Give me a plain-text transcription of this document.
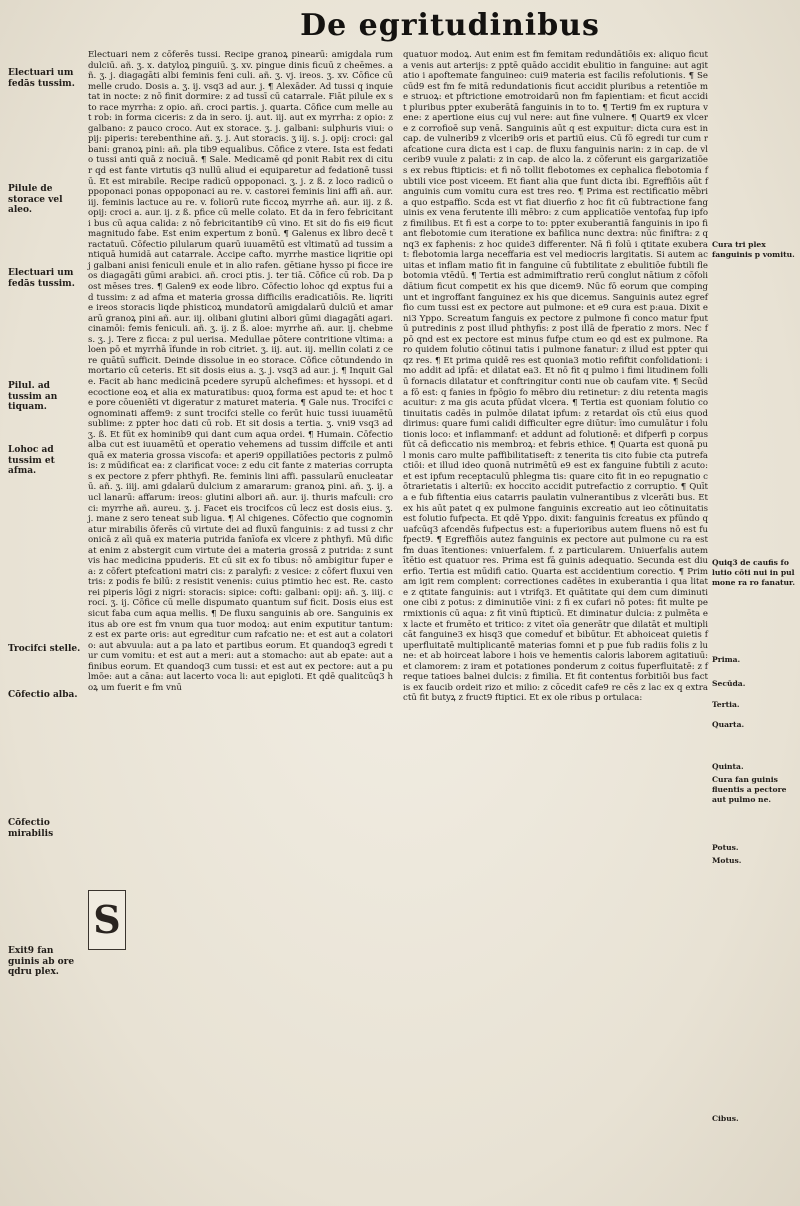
De egritudinibus
Electuari um fedās tussim.
Pilule de storace vel aleo.
Electuari um fedās tussim.
Pilul. ad tussim an tiquam.
Lohoc ad tussim et afma.
Trocifci stelle.
Cōfectio alba.
Cōfectio mirabilis
Exit9 fan guinis ab ore qdru plex.
Electuari nem z cōferēs tussi. Recipe granoꝝ pinearū: amigdala rum dulciū. añ. ʒ. x. datyloꝝ pinguiū. ʒ. xv. pingue dinis ficuū z cheēmes. añ. ʒ. j. diagagāti albi feminis feni culi. añ. ʒ. vj. ireos. ʒ. xv. Cōfice cū melle crudo. Dosis a. ʒ. ij. vsq3 ad aur. j. ¶ Alexāder. Ad tussi q inquietat in nocte: z nō finit dormire: z ad tussī cū catarrale. Fiāt pilule ex sto race myrrha: z opio. añ. croci partis. j. quarta. Cōfice cum melle aut rob: in forma ciceris: z da in sero. ij. aut. iij. aut ex myrrha: z opio: z galbano: z pauco croco. Aut ex storace. ʒ. j. galbani: sulphuris viui: opij: piperis: terebenthine añ. ʒ. j. Aut storacis. ʒ iij. s. j. opij: croci: galbani: granoꝝ pini: añ. pla tib9 equalibus. Cōfice z vtere. Ista est fedatio tussi anti quā z nociuā. ¶ Sale. Medicamē qd ponit Rabit rex di citur qd est fante virtutis q3 nullū aliud ei equiparetur ad fedationē tussiū. Et est mirabile. Recipe radicū oppoponaci. ʒ. j. z ß. z loco radicū oppoponaci ponas oppoponaci au re. v. castorei feminis lini affi añ. aur. iij. feminis lactuce au re. v. foliorū rute ficcoꝝ myrrhe añ. aur. iij. z ß. opij: croci a. aur. ij. z ß. pfice cū melle colato. Et da in fero febricitanti bus cū aqua calida: z nō febricitantib9 cū vino. Et sit do fis ei9 ficut magnitudo fabe. Est enim expertum z bonū. ¶ Galenus ex libro decē tractatuū. Cōfectio pilularum quarū iuuamētū est vltimatū ad tussim antiquā humidā aut catarrale. Accipe cafto. myrrhe mastice liqritie opij galbani anisi feniculi enule et in alio rafen. gētiane hysso pi ficce ireos diagagāti gūmi arabici. añ. croci ptis. j. ter tiā. Cōfice cū rob. Da post mēses tres. ¶ Galen9 ex eode libro. Cōfectio lohoc qd exptus fui ad tussim: z ad afma et materia grossa difficilis eradicatiōis. Re. liqritie ireos storacis liqde phisticoꝝ mundatorū amigdalarū dulciū et amararū granoꝝ pini añ. aur. iij. olibani glutini albori gūmi diagagāti agari. cinamōi: femis feniculi. añ. ʒ. ij. z ß. aloe: myrrhe añ. aur. ij. chebmes. ʒ. j. Tere z ficca: z pul uerisa. Medullae pōtere contritione vltima: aloen pō et myrrhā īfunde in rob citriet. ʒ. iij. aut. iij. mellin colati z cere quātū sufficit. Deinde dissolue in eo storace. Cōfice cōtundendo in mortario cū ceteris. Et sit dosis eius a. ʒ. j. vsq3 ad aur. j. ¶ Inquit Gale. Facit ab hanc medicinā pcedere syrupū alchefimes: et hyssopi. et decoctione eoꝝ et alia ex maturatibus: quoꝝ forma est apud te: et hoc te pore cōueniēti vt digeratur z maturet materia. ¶ Gale nus. Trocifci cognominati affem9: z sunt trocifci stelle co ferūt huic tussi iuuamētū sublime: z ppter hoc dati cū rob. Et sit dosis a tertia. ʒ. vni9 vsq3 ad ʒ. ß. Et fūt ex hominib9 qui dant cum aqua ordei. ¶ Humain. Cōfectio alba cut est iuuamētū et operatio vehemens ad tussim diffcile et antiquā ex materia grossa viscofa: et aperi9 oppillatiōes pectoris z pulmōis: z mūdificat ea: z clarificat voce: z edu cit fante z materias corruptas ex pectore z pferr phthyfi. Re. feminis lini affi. passularū enucleatarū. añ. ʒ. iiij. ami gdalarū dulcium z amararum: granoꝝ pini. añ. ʒ. ij. aucl lanarū: affarum: ireos: glutini albori añ. aur. ij. thuris mafculi: croci: myrrhe añ. aureu. ʒ. j. Facet eis trocifcos cū lecz est dosis eius. ʒ. j. mane z sero teneat sub ligua. ¶ Al chigenes. Cōfectio que cognominatur mirabilis ōferēs cū virtute dei ad fluxū fanguinis: z ad tussi z chronicā z aīi quā ex materia putrida fanīofa ex vlcere z phthyfi. Mū dificat enim z abstergit cum virtute dei a materia grossā z putrida: z sunt vis hac medicina ppuderis. Et cū sit ex fo tibus: nō ambigitur fuper ea: z cōfert ptefcationi matri cis: z paralyfi: z vesice: z cōfert fluxui ventris: z podis fe bilū: z resistit venenis: cuius ptimtio hec est. Re. castorei piperis lōgi z nigri: storacis: sipice: cofti: galbani: opij: añ. ʒ. iiij. croci. ʒ. ij. Cōfice cū melle dispumato quantum suf ficit. Dosis eius est sicut faba cum aqua mellis. ¶ De fluxu sanguinis ab ore. Sanguinis exitus ab ore est fm vnum qua tuor modoꝝ: aut enim exputitur tantum: z est ex parte oris: aut egreditur cum rafcatio ne: et est aut a colatorio: aut abvuula: aut a pa lato et partibus eorum. Et quandoq3 egredi tur cum vomitu: et est aut a meri: aut a stomacho: aut ab epate: aut a finibus eorum. Et quandoq3 cum tussi: et est aut ex pectore: aut a pulmōe: aut a cāna: aut lacerto voca li: aut epigloti. Et qdē qualitcūq3 hoꝝ um fuerit e fm vnū
S
quatuor modoꝝ. Aut enim est fm femitam redundātiōis ex: aliquo ficut a venis aut arterijs: z pptē quādo accidit ebulitio in fanguine: aut agitatio i apoftemate fanguineo: cui9 materia est facilis refolutionis. ¶ Secūd9 est fm fe mitā redundationis ficut accidit pluribus a retentiōe me struoꝝ: et pftrictione emotroidarū non fm fapientiam: et ficut accidit pluribus ppter exuberātā fanguinis in to to. ¶ Terti9 fm ex ruptura vene: z apertione eius cuj vul nere: aut fine vulnere. ¶ Quart9 ex vlcere z corrofioē sup venā. Sanguinis aūt q est expuitur: dicta cura est in cap. de vulnerib9 z vlcerib9 oris et partiū eius. Cū fō egredi tur cum rafcatione cura dicta est i cap. de fluxu fanguinis narin: z in cap. de vlcerib9 vuule z palati: z in cap. de alco la. z cōferunt eis gargarizatiōes ex rebus ftipticis: et fi nō tollit flebotomes ex cephalica flebotomia fubtili vice post viceem. Et fiant alia que funt dicta ibi. Egreffiōis aūt fanguinis cum vomitu cura est tres reo. ¶ Prima est rectificatio mēbri a quo estpaffio. Scda est vt fiat diuerfio z hoc fit cū fubtractione fanguinis ex vena ferutente illi mēbro: z cum applicatiōe ventofaꝝ fup ipfo z fimilibus. Et fi est a corpe to to: ppter exuberantiā fanguinis in ipo fiant flebotomie cum iteratione ex bafilica nunc dextra: nūc finiftra: z qnq3 ex faphenis: z hoc quide3 differenter. Nā fi folū i qtitate exuberat: flebotomia larga neceffaria est vel mediocris largitatis. Si autem acuitas et inflam matio fit in fanguine cū fubtilitate z ebulitiōe fubtili fle botomia vtēdū. ¶ Tertia est admimiftratio rerū conglut nātium z cōfolidātium ficut competit ex his que dicem9. Nūc fō eorum que compingunt et ingroffant fanguinez ex his que dicemus. Sanguinis autez egreffio cum tussi est ex pectore aut pulmone: et e9 cura est p:aua. Dixit eni3 Yppo. Screatum fanguis ex pectore z pulmone fi conco matur fputū putredinis z post illud phthyfis: z post illā de fperatio z mors. Nec fpō qnd est ex pectore est minus fufpe ctum eo qd est ex pulmone. Raro quidem folutio cōtinui tatis i pulmone fanatur: z illud est ppter quiqz res. ¶ Et prima quidē res est quonia3 motio refiftit confolidationi: imo addit ad ipfā: et dilatat ea3. Et nō fit q pulmo i fimi litudinem folliū fornacis dilatatur et conftringitur conti nue ob caufam vite. ¶ Secūda fō est: q fanies in fpōgio fo mēbro diu retinetur: z diu retenta magis acuitur: z ma gis acuta pfūdat vlcera. ¶ Tertia est quoniam folutio co tinuitatis cadēs in pulmōe dilatat ipfum: z retardat oīs ctū eius quod dirimus: quare fumi calidi difficulter egre diūtur: īmo cumulātur i folutionis loco: et inflammanf: et addunt ad folutionē: et difperfi p corpus fūt cā deficcatio nis membroꝝ: et febris ethice. ¶ Quarta est quonā pul monis caro multe paffibilitatiseft: z tenerita tis cito fubie cta putrefactiōi: et illud ideo quonā nutrimētū e9 est ex fanguine fubtili z acuto: et est ipfum receptaculū phlegma tis: quare cito fit in eo repugnatio cōtrarietatis i alteriū: ex hoccito accidit putrefactio z corruptio. ¶ Quīta e fub fiftentia eius catarris paulatin vulnerantibus z vlcerāti bus. Et ex his aūt patet q ex pulmone fanguinis excreatio aut ieo cōtinuitatis est folutio fufpecta. Et qdē Yppo. dixit: fanguinis fcreatus ex pfūndo quafcūq3 afcendēs fufpectus est: a fuperioribus autem fluens nō est fufpect9. ¶ Egreffiōis autez fanguinis ex pectore aut pulmone cu ra est fm duas ītentiones: vniuerfalem. f. z particularem. Uniuerfalis autem ītētio est quatuor res. Prima est fā guinis adequatio. Secunda est diuerfio. Tertia est mūdifi catio. Quarta est accidentium corectio. ¶ Primam igit rem complent: correctiones cadētes in exuberantia i qua litate z qtitate fanguinis: aut i vtrifq3. Et quātitate qui dem cum diminutione cibi z potus: z diminutiōe vini: z fi ex cufari nō potes: fit multe permixtionis cū aqua: z fit vinū ftipticū. Et diminatur dulcia: z pulmēta ex lacte et frumēto et tritico: z vitet oīa generātr que dilatāt et multiplicāt fanguine3 ex hisq3 que comeduf et bibūtur. Et abhoiceat quietis fuperfluitatē multiplicantē materias fomni et p pue fub radiis folis z lune: et ab hoirceat labore i hois ve hementis caloris laborem agitatiuū: et clamorem: z iram et potationes ponderum z coitus fuperfluitatē: z freque tatioes balnei dulcis: z fimilia. Et fit contentus forbitiōi bus factis ex faucib ordeit rizo et milio: z cōcedit cafe9 re cēs z lac ex q extractū fit butyꝝ z fruct9 ftiptici. Et ex ole ribus p ortulaca:
Cura tri plex fanguinis p vomitu.
Quiq3 de caufis fo lutio cōti nui in pul mone ra ro fanatur.
Prima.
Secūda.
Tertia.
Quarta.
Quinta.
Cura fan guinis fluentis a pectore aut pulmo ne.
Potus.
Motus.
Cibus.
